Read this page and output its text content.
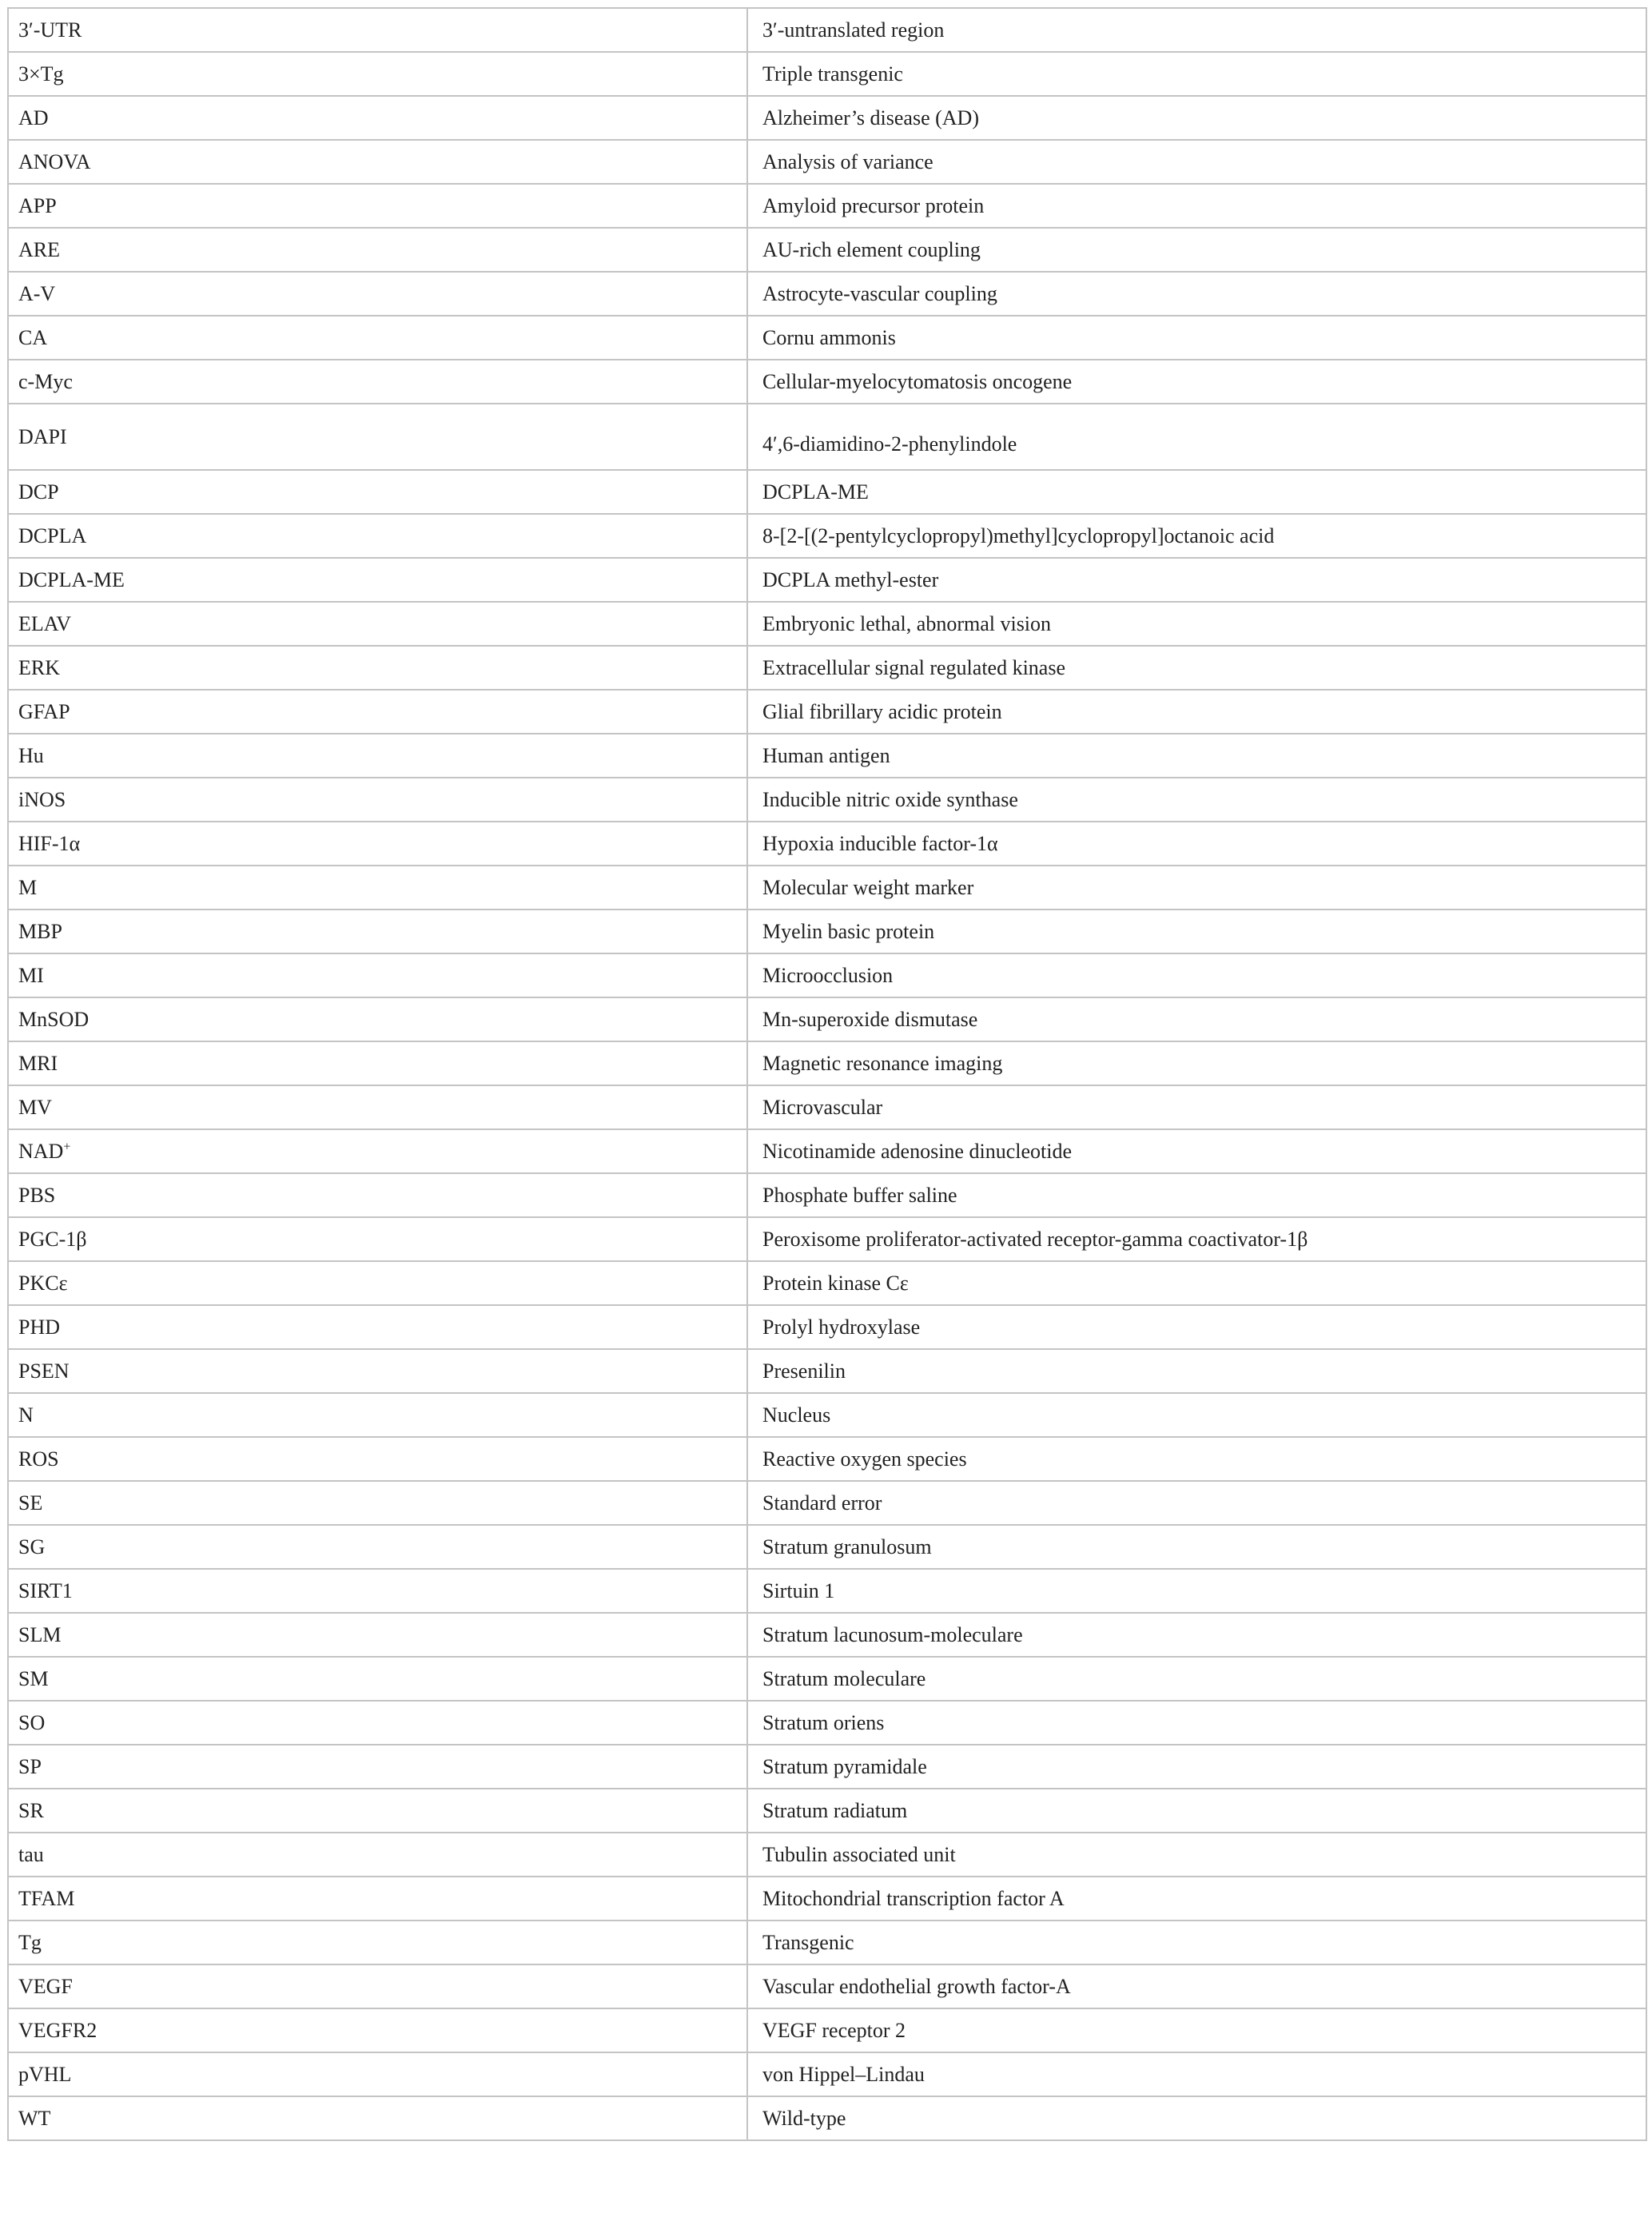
3′-UTR	3′-untranslated region
3×Tg	Triple transgenic
AD	Alzheimer’s disease (AD)
ANOVA	Analysis of variance
APP	Amyloid precursor protein
ARE	AU-rich element coupling
A-V	Astrocyte-vascular coupling
CA	Cornu ammonis
c-Myc	Cellular-myelocytomatosis oncogene
DAPI	4′,6-diamidino-2-phenylindole
DCP	DCPLA-ME
DCPLA	8-[2-[(2-pentylcyclopropyl)methyl]cyclopropyl]octanoic acid
DCPLA-ME	DCPLA methyl-ester
ELAV	Embryonic lethal, abnormal vision
ERK	Extracellular signal regulated kinase
GFAP	Glial fibrillary acidic protein
Hu	Human antigen
iNOS	Inducible nitric oxide synthase
HIF-1α	Hypoxia inducible factor-1α
M	Molecular weight marker
MBP	Myelin basic protein
MI	Microocclusion
MnSOD	Mn-superoxide dismutase
MRI	Magnetic resonance imaging
MV	Microvascular
NAD+	Nicotinamide adenosine dinucleotide
PBS	Phosphate buffer saline
PGC-1β	Peroxisome proliferator-activated receptor-gamma coactivator-1β
PKCε	Protein kinase Cε
PHD	Prolyl hydroxylase
PSEN	Presenilin
N	Nucleus
ROS	Reactive oxygen species
SE	Standard error
SG	Stratum granulosum
SIRT1	Sirtuin 1
SLM	Stratum lacunosum-moleculare
SM	Stratum moleculare
SO	Stratum oriens
SP	Stratum pyramidale
SR	Stratum radiatum
tau	Tubulin associated unit
TFAM	Mitochondrial transcription factor A
Tg	Transgenic
VEGF	Vascular endothelial growth factor-A
VEGFR2	VEGF receptor 2
pVHL	von Hippel–Lindau
WT	Wild-type
